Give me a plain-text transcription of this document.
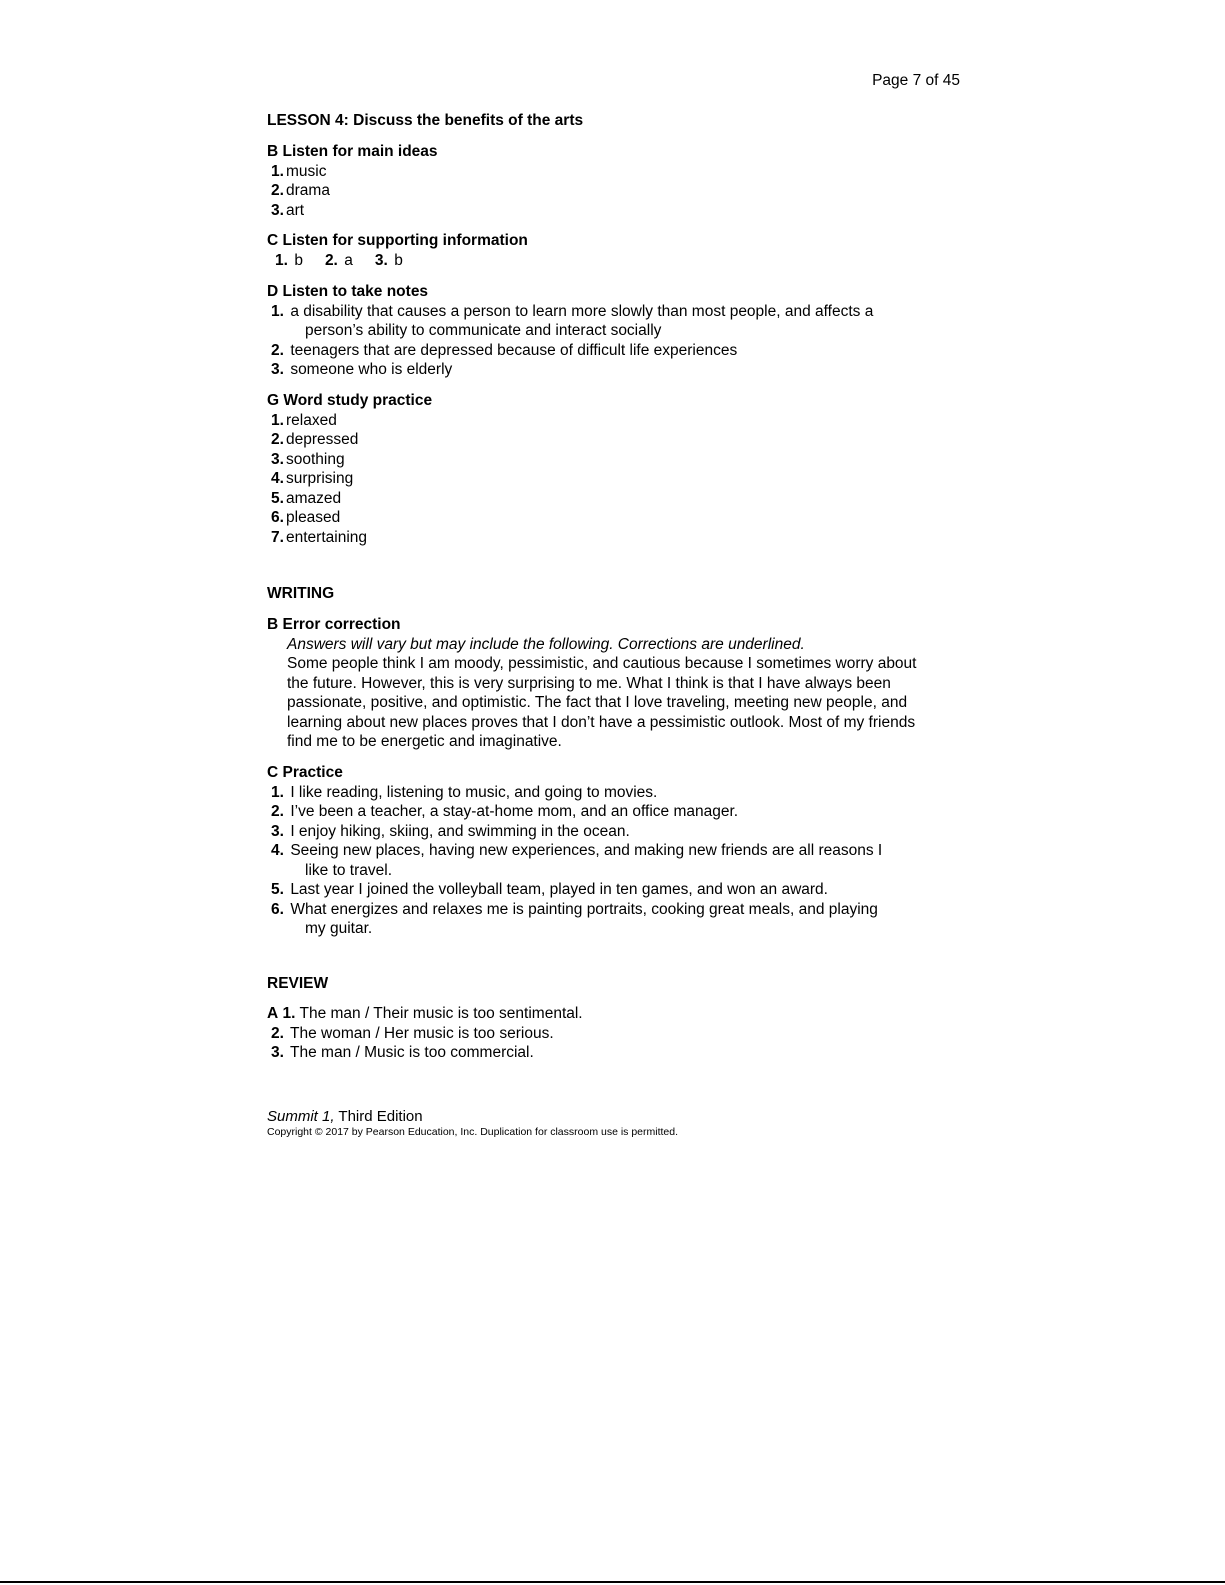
Page 7 of 45
LESSON 4: Discuss the benefits of the arts
B Listen for main ideas
1. music
2. drama
3. art
C Listen for supporting information
1. b 2. a 3. b
D Listen to take notes
1. a disability that causes a person to learn more slowly than most people, and affects a
person’s ability to communicate and interact socially
2. teenagers that are depressed because of difficult life experiences
3. someone who is elderly
G Word study practice
1. relaxed
2. depressed
3. soothing
4. surprising
5. amazed
6. pleased
7. entertaining
WRITING
B Error correction
Answers will vary but may include the following. Corrections are underlined.
Some people think I am moody, pessimistic, and cautious because I sometimes worry about
the future. However, this is very surprising to me. What I think is that I have always been
passionate, positive, and optimistic. The fact that I love traveling, meeting new people, and
learning about new places proves that I don’t have a pessimistic outlook. Most of my friends
find me to be energetic and imaginative.
C Practice
1. I like reading, listening to music, and going to movies.
2. I’ve been a teacher, a stay-at-home mom, and an office manager.
3. I enjoy hiking, skiing, and swimming in the ocean.
4. Seeing new places, having new experiences, and making new friends are all reasons I
like to travel.
5. Last year I joined the volleyball team, played in ten games, and won an award.
6. What energizes and relaxes me is painting portraits, cooking great meals, and playing
my guitar.
REVIEW
A 1. The man / Their music is too sentimental.
2. The woman / Her music is too serious.
3. The man / Music is too commercial.
Summit 1, Third Edition
Copyright © 2017 by Pearson Education, Inc. Duplication for classroom use is permitted.
